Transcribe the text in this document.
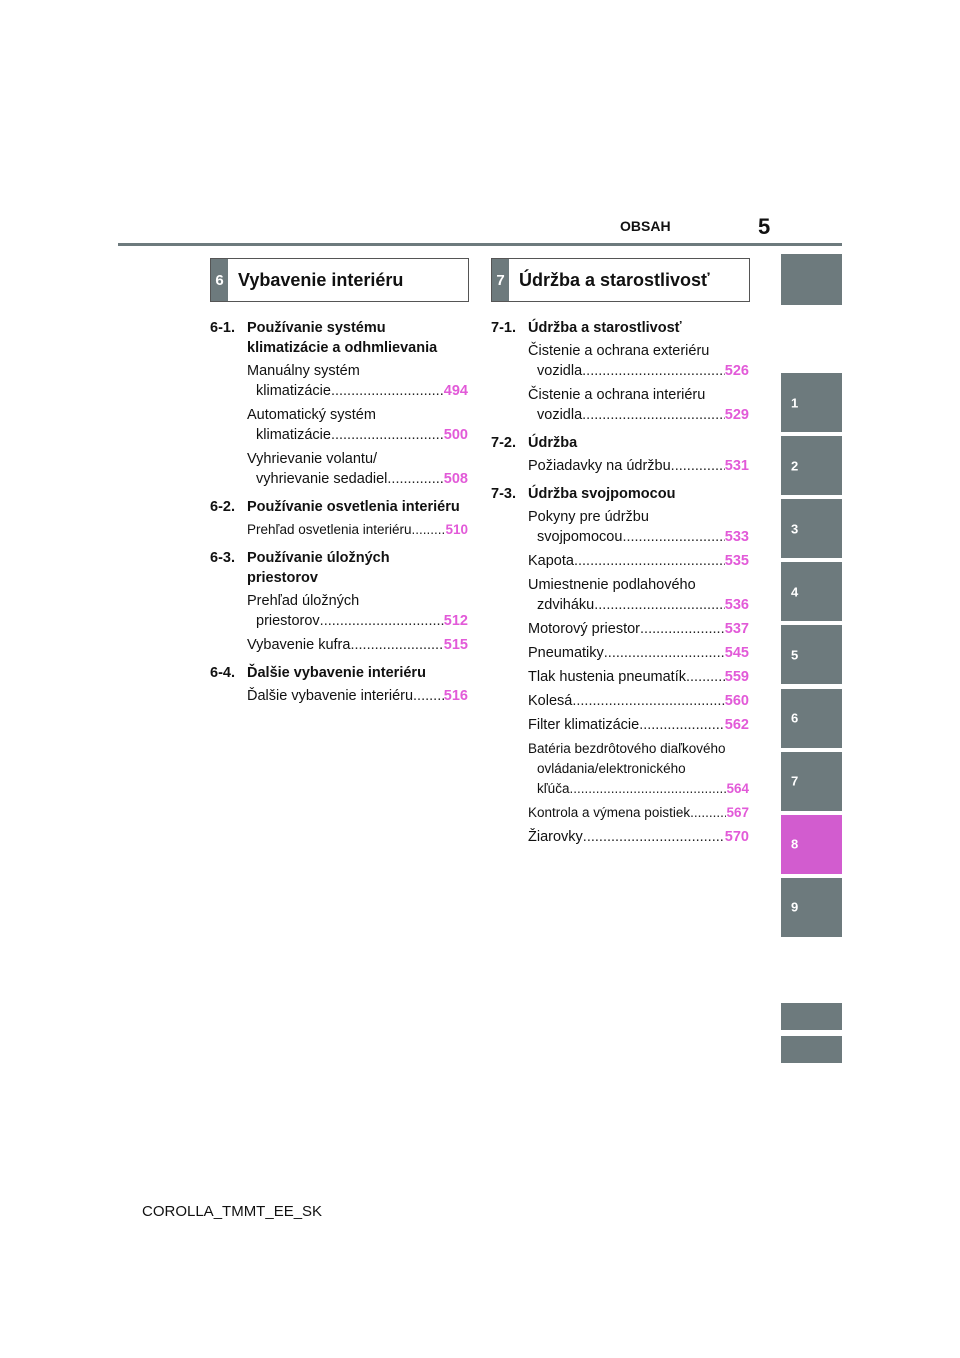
OBSAH	5
6 Vybavenie interiéru	7 Údržba a starostlivosť
6-1. Používanie systému
klimatizácie a odhmlievania
Manuálny systém
klimatizácie .....	494
Automatický systém
klimatizácie .....	500
Vyhrievanie volantu/
vyhrievanie sedadiel .....	508
6-2. Používanie osvetlenia interiéru
Prehľad osvetlenia interiéru .....	510
6-3. Používanie úložných
priestorov
Prehľad úložných
priestorov .....	512
Vybavenie kufra .....	515
6-4. Ďalšie vybavenie interiéru
Ďalšie vybavenie interiéru ..... 516
7-1. Údržba a starostlivosť
Čistenie a ochrana exteriéru
vozidla .....	526
Čistenie a ochrana interiéru
vozidla .....	529
7-2. Údržba
Požiadavky na údržbu .....	531
7-3. Údržba svojpomocou
Pokyny pre údržbu
svojpomocou .....	533
Kapota .....	535
Umiestnenie podlahového
zdviháku .....	536
Motorový priestor .....	537
Pneumatiky .....	545
Tlak hustenia pneumatík .....	559
Kolesá .....	560
Filter klimatizácie .....	562
Batéria bezdrôtového diaľkového
ovládania/elektronického
kľúča .....	564
Kontrola a výmena poistiek .....	567
Žiarovky .....	570
1
2
3
4
5
6
7
8
9
COROLLA_TMMT_EE_SK
